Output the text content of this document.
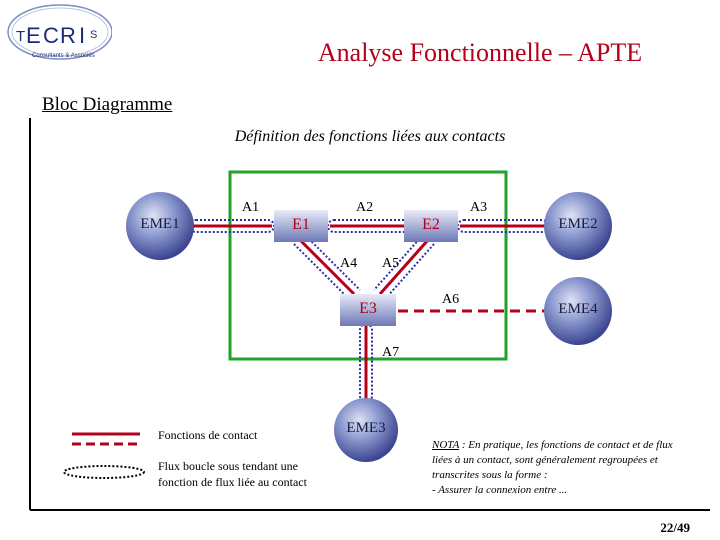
T E C R I S
Consultants & Associés	Analyse Fonctionnelle – APTE
Bloc Diagramme
Définition des fonctions liées aux contacts
EME1	EME2
EME4
EME3
E1	E2
E3
A1	A2	A3
A4 A5
A6
A7
Fonctions de contact
Flux boucle sous tendant une fonction de flux liée au contact
NOTA : En pratique, les fonctions de contact et de flux liées à un contact, sont généralement regroupées et transcrites sous la forme :
- Assurer la connexion entre ...
22/49
